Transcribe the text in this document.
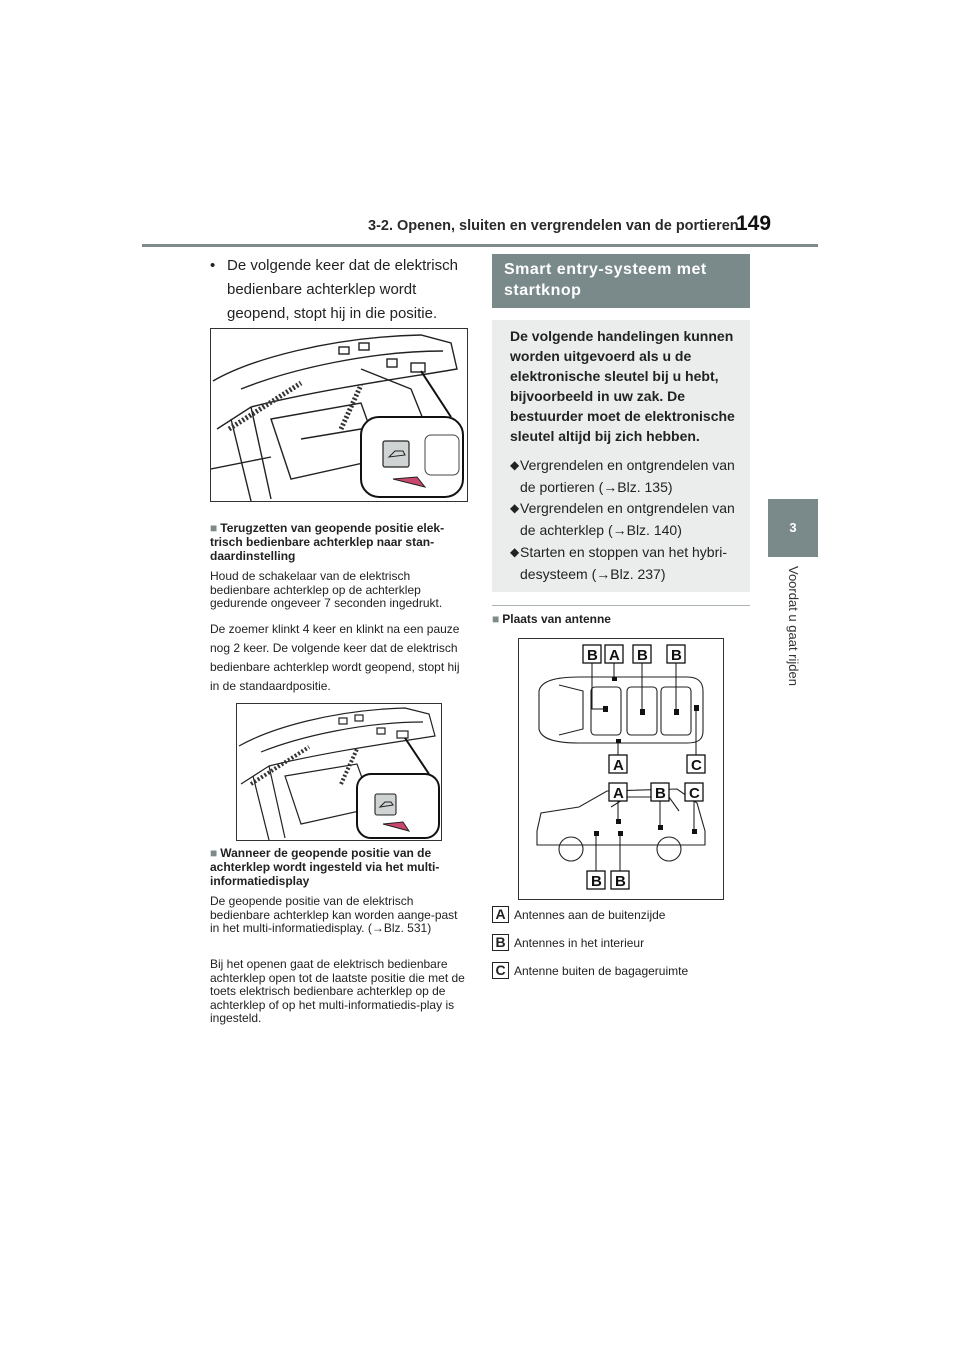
3-2. Openen, sluiten en vergrendelen van de portieren
149
3
Voordat u gaat rijden
• De volgende keer dat de elektrisch bedienbare achterklep wordt geopend, stopt hij in die positie.
■ Terugzetten van geopende positie elek-trisch bedienbare achterklep naar stan-daardinstelling
Houd de schakelaar van de elektrisch bedienbare achterklep op de achterklep gedurende ongeveer 7 seconden ingedrukt.
De zoemer klinkt 4 keer en klinkt na een pauze nog 2 keer. De volgende keer dat de elektrisch bedienbare achterklep wordt geopend, stopt hij in de standaardpositie.
■ Wanneer de geopende positie van de achterklep wordt ingesteld via het multi-informatiedisplay
De geopende positie van de elektrisch bedienbare achterklep kan worden aange-past in het multi-informatiedisplay. (→Blz. 531)
Bij het openen gaat de elektrisch bedienbare achterklep open tot de laatste positie die met de toets elektrisch bedienbare achterklep op de achterklep of op het multi-informatiedis-play is ingesteld.
Smart entry-systeem met startknop
De volgende handelingen kunnen worden uitgevoerd als u de elektronische sleutel bij u hebt, bijvoorbeeld in uw zak. De bestuurder moet de elektronische sleutel altijd bij zich hebben.
◆ Vergrendelen en ontgrendelen van de portieren (→Blz. 135)
◆ Vergrendelen en ontgrendelen van de achterklep (→Blz. 140)
◆ Starten en stoppen van het hybri-desysteem (→Blz. 237)
■ Plaats van antenne
B A B B
A	C
A B C
B B
A Antennes aan de buitenzijde
B Antennes in het interieur
C Antenne buiten de bagageruimte
